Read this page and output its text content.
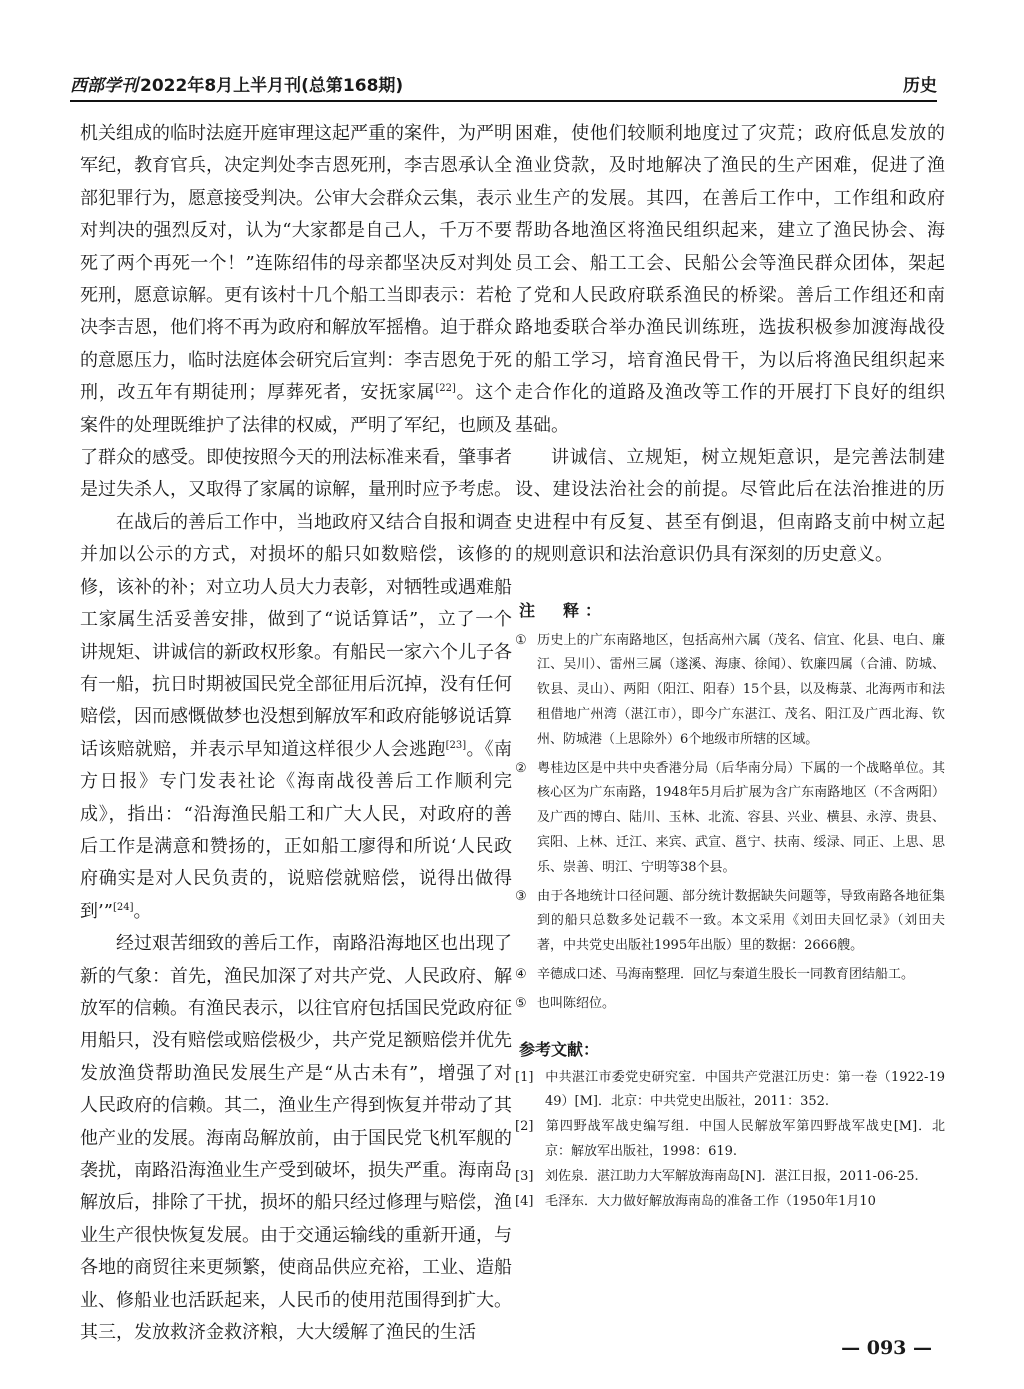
西部学刊 2022年8月上半月刊(总第168期)	历史

机关组成的临时法庭开庭审理这起严重的案件，为严明军纪，教育官兵，决定判处李吉恩死刑，李吉恩承认全部犯罪行为，愿意接受判决。公审大会群众云集，表示对判决的强烈反对，认为“大家都是自己人，千万不要死了两个再死一个！”连陈绍伟的母亲都坚决反对判处死刑，愿意谅解。更有该村十几个船工当即表示：若枪决李吉恩，他们将不再为政府和解放军摇橹。迫于群众的意愿压力，临时法庭体会研究后宣判：李吉恩免于死刑，改五年有期徒刑；厚葬死者，安抚家属[22]。这个案件的处理既维护了法律的权威，严明了军纪，也顾及了群众的感受。即使按照今天的刑法标准来看，肇事者是过失杀人，又取得了家属的谅解，量刑时应予考虑。

在战后的善后工作中，当地政府又结合自报和调查并加以公示的方式，对损坏的船只如数赔偿，该修的修，该补的补；对立功人员大力表彰，对牺牲或遇难船工家属生活妥善安排，做到了“说话算话”，立了一个讲规矩、讲诚信的新政权形象。有船民一家六个儿子各有一船，抗日时期被国民党全部征用后沉掉，没有任何赔偿，因而感慨做梦也没想到解放军和政府能够说话算话该赔就赔，并表示早知道这样很少人会逃跑[23]。《南方日报》专门发表社论《海南战役善后工作顺利完成》，指出：“沿海渔民船工和广大人民，对政府的善后工作是满意和赞扬的，正如船工廖得和所说‘人民政府确实是对人民负责的，说赔偿就赔偿，说得出做得到’”[24]。

经过艰苦细致的善后工作，南路沿海地区也出现了新的气象：首先，渔民加深了对共产党、人民政府、解放军的信赖。有渔民表示，以往官府包括国民党政府征用船只，没有赔偿或赔偿极少，共产党足额赔偿并优先发放渔贷帮助渔民发展生产是“从古未有”，增强了对人民政府的信赖。其二，渔业生产得到恢复并带动了其他产业的发展。海南岛解放前，由于国民党飞机军舰的袭扰，南路沿海渔业生产受到破坏，损失严重。海南岛解放后，排除了干扰，损坏的船只经过修理与赔偿，渔业生产很快恢复发展。由于交通运输线的重新开通，与各地的商贸往来更频繁，使商品供应充裕，工业、造船业、修船业也活跃起来，人民币的使用范围得到扩大。其三，发放救济金救济粮，大大缓解了渔民的生活

困难，使他们较顺利地度过了灾荒；政府低息发放的渔业贷款，及时地解决了渔民的生产困难，促进了渔业生产的发展。其四，在善后工作中，工作组和政府帮助各地渔区将渔民组织起来，建立了渔民协会、海员工会、船工工会、民船公会等渔民群众团体，架起了党和人民政府联系渔民的桥梁。善后工作组还和南路地委联合举办渔民训练班，选拔积极参加渡海战役的船工学习，培育渔民骨干，为以后将渔民组织起来走合作化的道路及渔改等工作的开展打下良好的组织基础。

讲诚信、立规矩，树立规矩意识，是完善法制建设、建设法治社会的前提。尽管此后在法治推进的历史进程中有反复、甚至有倒退，但南路支前中树立起的规则意识和法治意识仍具有深刻的历史意义。

注　释：

① 历史上的广东南路地区，包括高州六属（茂名、信宜、化县、电白、廉江、吴川）、雷州三属（遂溪、海康、徐闻）、钦廉四属（合浦、防城、钦县、灵山）、两阳（阳江、阳春）15个县，以及梅菉、北海两市和法租借地广州湾（湛江市），即今广东湛江、茂名、阳江及广西北海、钦州、防城港（上思除外）6个地级市所辖的区域。

② 粤桂边区是中共中央香港分局（后华南分局）下属的一个战略单位。其核心区为广东南路，1948年5月后扩展为含广东南路地区（不含两阳）及广西的博白、陆川、玉林、北流、容县、兴业、横县、永淳、贵县、宾阳、上林、迁江、来宾、武宣、邕宁、扶南、绥渌、同正、上思、思乐、崇善、明江、宁明等38个县。

③ 由于各地统计口径问题、部分统计数据缺失问题等，导致南路各地征集到的船只总数多处记载不一致。本文采用《刘田夫回忆录》（刘田夫著，中共党史出版社1995年出版）里的数据：2666艘。

④ 辛德成口述、马海南整理．回忆与秦道生股长一同教育团结船工。

⑤ 也叫陈绍位。

参考文献：

[1] 中共湛江市委党史研究室．中国共产党湛江历史：第一卷（1922-1949）[M]．北京：中共党史出版社，2011：352.

[2] 第四野战军战史编写组．中国人民解放军第四野战军战史[M]．北京：解放军出版社，1998：619.

[3] 刘佐泉．湛江助力大军解放海南岛[N]．湛江日报，2011-06-25.

[4] 毛泽东．大力做好解放海南岛的准备工作（1950年1月10

— 093 —
